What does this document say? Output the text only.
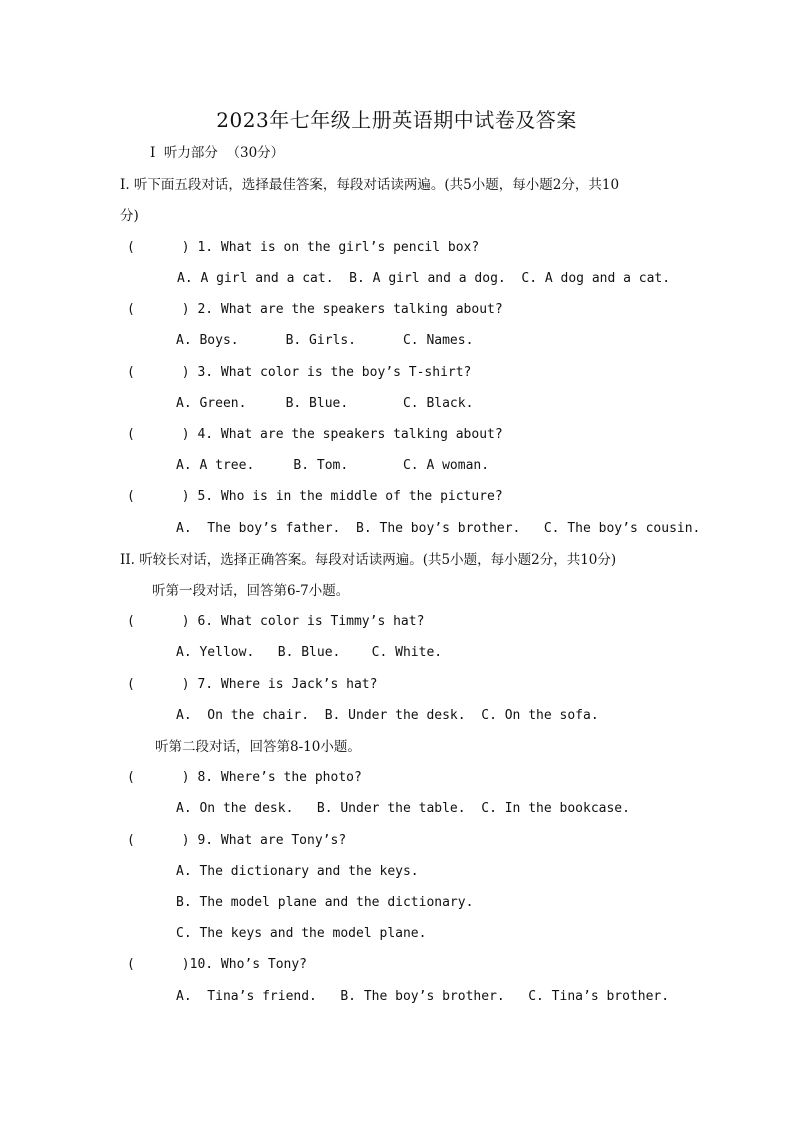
2023年七年级上册英语期中试卷及答案
Ⅰ  听力部分  （30分）
Ⅰ. 听下面五段对话，选择最佳答案，每段对话读两遍。(共5小题，每小题2分，共10
分)
(      ) 1. What is on the girl’s pencil box?
A. A girl and a cat.  B. A girl and a dog.  C. A dog and a cat.
(      ) 2. What are the speakers talking about?
A. Boys.      B. Girls.      C. Names.
(      ) 3. What color is the boy’s T-shirt?
A. Green.     B. Blue.       C. Black.
(      ) 4. What are the speakers talking about?
A. A tree.     B. Tom.       C. A woman.
(      ) 5. Who is in the middle of the picture?
A.  The boy’s father.  B. The boy’s brother.   C. The boy’s cousin.
II. 听较长对话，选择正确答案。每段对话读两遍。(共5小题，每小题2分，共10分)
听第一段对话，回答第6-7小题。
(      ) 6. What color is Timmy’s hat?
A. Yellow.   B. Blue.    C. White.
(      ) 7. Where is Jack’s hat?
A.  On the chair.  B. Under the desk.  C. On the sofa.
听第二段对话，回答第8-10小题。
(      ) 8. Where’s the photo?
A. On the desk.   B. Under the table.  C. In the bookcase.
(      ) 9. What are Tony’s?
A. The dictionary and the keys.
B. The model plane and the dictionary.
C. The keys and the model plane.
(      )10. Who’s Tony?
A.  Tina’s friend.   B. The boy’s brother.   C. Tina’s brother.
